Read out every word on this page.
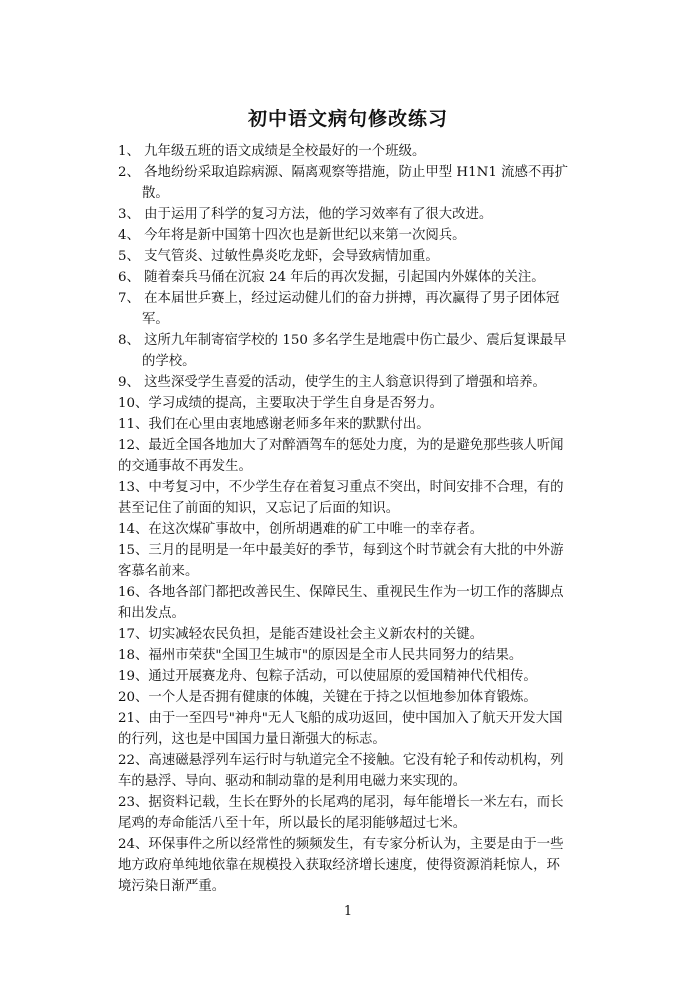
初中语文病句修改练习
1、 九年级五班的语文成绩是全校最好的一个班级。
2、 各地纷纷采取追踪病源、隔离观察等措施，防止甲型 H1N1 流感不再扩
散。
3、 由于运用了科学的复习方法，他的学习效率有了很大改进。
4、 今年将是新中国第十四次也是新世纪以来第一次阅兵。
5、 支气管炎、过敏性鼻炎吃龙虾，会导致病情加重。
6、 随着秦兵马俑在沉寂 24 年后的再次发掘，引起国内外媒体的关注。
7、 在本届世乒赛上，经过运动健儿们的奋力拼搏，再次赢得了男子团体冠
军。
8、 这所九年制寄宿学校的 150 多名学生是地震中伤亡最少、震后复课最早
的学校。
9、 这些深受学生喜爱的活动，使学生的主人翁意识得到了增强和培养。
10、学习成绩的提高，主要取决于学生自身是否努力。
11、我们在心里由衷地感谢老师多年来的默默付出。
12、最近全国各地加大了对醉酒驾车的惩处力度，为的是避免那些骇人听闻
的交通事故不再发生。
13、中考复习中，不少学生存在着复习重点不突出，时间安排不合理，有的
甚至记住了前面的知识，又忘记了后面的知识。
14、在这次煤矿事故中，创所胡遇难的矿工中唯一的幸存者。
15、三月的昆明是一年中最美好的季节，每到这个时节就会有大批的中外游
客慕名前来。
16、各地各部门都把改善民生、保障民生、重视民生作为一切工作的落脚点
和出发点。
17、切实减轻农民负担，是能否建设社会主义新农村的关键。
18、福州市荣获"全国卫生城市"的原因是全市人民共同努力的结果。
19、通过开展赛龙舟、包粽子活动，可以使屈原的爱国精神代代相传。
20、一个人是否拥有健康的体魄，关键在于持之以恒地参加体育锻炼。
21、由于一至四号"神舟"无人飞船的成功返回，使中国加入了航天开发大国
的行列，这也是中国国力量日渐强大的标志。
22、高速磁悬浮列车运行时与轨道完全不接触。它没有轮子和传动机构，列
车的悬浮、导向、驱动和制动靠的是利用电磁力来实现的。
23、据资料记载，生长在野外的长尾鸡的尾羽，每年能增长一米左右，而长
尾鸡的寿命能活八至十年，所以最长的尾羽能够超过七米。
24、环保事件之所以经常性的频频发生，有专家分析认为，主要是由于一些
地方政府单纯地依靠在规模投入获取经济增长速度，使得资源消耗惊人，环
境污染日渐严重。
1
